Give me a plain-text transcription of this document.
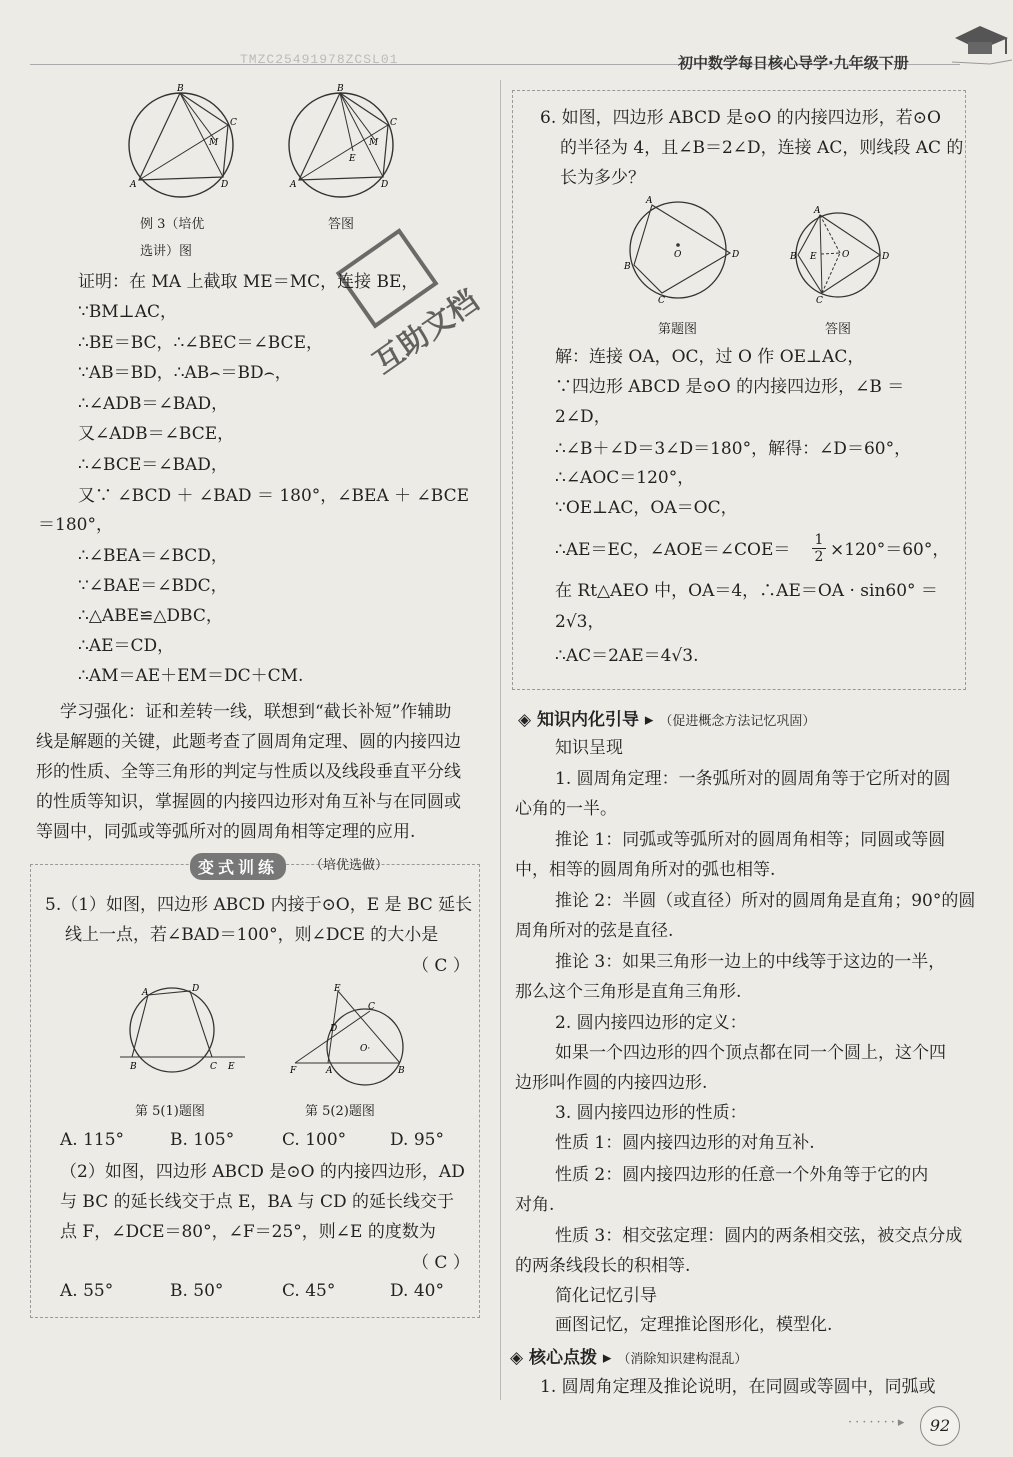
TMZC25491978ZCSL01	初中数学每日核心导学·九年级下册
B
C
M
A	D
B
C
M
E
A	D
例 3（培优
选讲）图
答图
互助文档
证明：在 MA 上截取 ME＝MC，连接 BE，
∵BM⊥AC，
∴BE＝BC，∴∠BEC＝∠BCE，
∵AB＝BD，∴AB⌢＝BD⌢，
∴∠ADB＝∠BAD，
又∠ADB＝∠BCE，
∴∠BCE＝∠BAD，
又∵ ∠BCD ＋ ∠BAD ＝ 180°，∠BEA ＋ ∠BCE
＝180°，
∴∠BEA＝∠BCD，
∵∠BAE＝∠BDC，
∴△ABE≌△DBC，
∴AE＝CD，
∴AM＝AE＋EM＝DC＋CM.
学习强化：证和差转一线，联想到“截长补短”作辅助
线是解题的关键，此题考查了圆周角定理、圆的内接四边
形的性质、全等三角形的判定与性质以及线段垂直平分线
的性质等知识，掌握圆的内接四边形对角互补与在同圆或
等圆中，同弧或等弧所对的圆周角相等定理的应用.
变式训练	（培优选做）
5.（1）如图，四边形 ABCD 内接于⊙O，E 是 BC 延长
线上一点，若∠BAD＝100°，则∠DCE 的大小是
（ C ）
A	D
B	C E
E
C
D
O·
F	A	B
第 5(1)题图	第 5(2)题图
A. 115°	B. 105°	C. 100°	D. 95°
（2）如图，四边形 ABCD 是⊙O 的内接四边形，AD
与 BC 的延长线交于点 E，BA 与 CD 的延长线交于
点 F，∠DCE＝80°，∠F＝25°，则∠E 的度数为
（ C ）
A. 55°	B. 50°	C. 45°	D. 40°
6. 如图，四边形 ABCD 是⊙O 的内接四边形，若⊙O
的半径为 4，且∠B＝2∠D，连接 AC，则线段 AC 的
长为多少？
O
A
D
C
B
A
E	O	D
C
B
第题图	答图
解：连接 OA，OC，过 O 作 OE⊥AC，
∵四边形 ABCD 是⊙O 的内接四边形，∠B ＝
2∠D，
∴∠B＋∠D＝3∠D＝180°，解得：∠D＝60°，
∴∠AOC＝120°，
∵OE⊥AC，OA＝OC，
∴AE＝EC，∠AOE＝∠COE＝ $\frac{1}{2} \times 120^\circ=60^\circ$，
在 Rt△AEO 中，OA＝4，∴AE＝OA · sin60° ＝
2√3，
∴AC＝2AE＝4√3.
◈ 知识内化引导 ▸ （促进概念方法记忆巩固）
知识呈现
1. 圆周角定理：一条弧所对的圆周角等于它所对的圆
心角的一半。
推论 1：同弧或等弧所对的圆周角相等；同圆或等圆
中，相等的圆周角所对的弧也相等.
推论 2：半圆（或直径）所对的圆周角是直角；90°的圆
周角所对的弦是直径.
推论 3：如果三角形一边上的中线等于这边的一半，
那么这个三角形是直角三角形.
2. 圆内接四边形的定义：
如果一个四边形的四个顶点都在同一个圆上，这个四
边形叫作圆的内接四边形.
3. 圆内接四边形的性质：
性质 1：圆内接四边形的对角互补.
性质 2：圆内接四边形的任意一个外角等于它的内
对角.
性质 3：相交弦定理：圆内的两条相交弦，被交点分成
的两条线段长的积相等.
简化记忆引导
画图记忆，定理推论图形化，模型化.
◈ 核心点拨 ▸ （消除知识建构混乱）
1. 圆周角定理及推论说明，在同圆或等圆中，同弧或
·······▸	92
